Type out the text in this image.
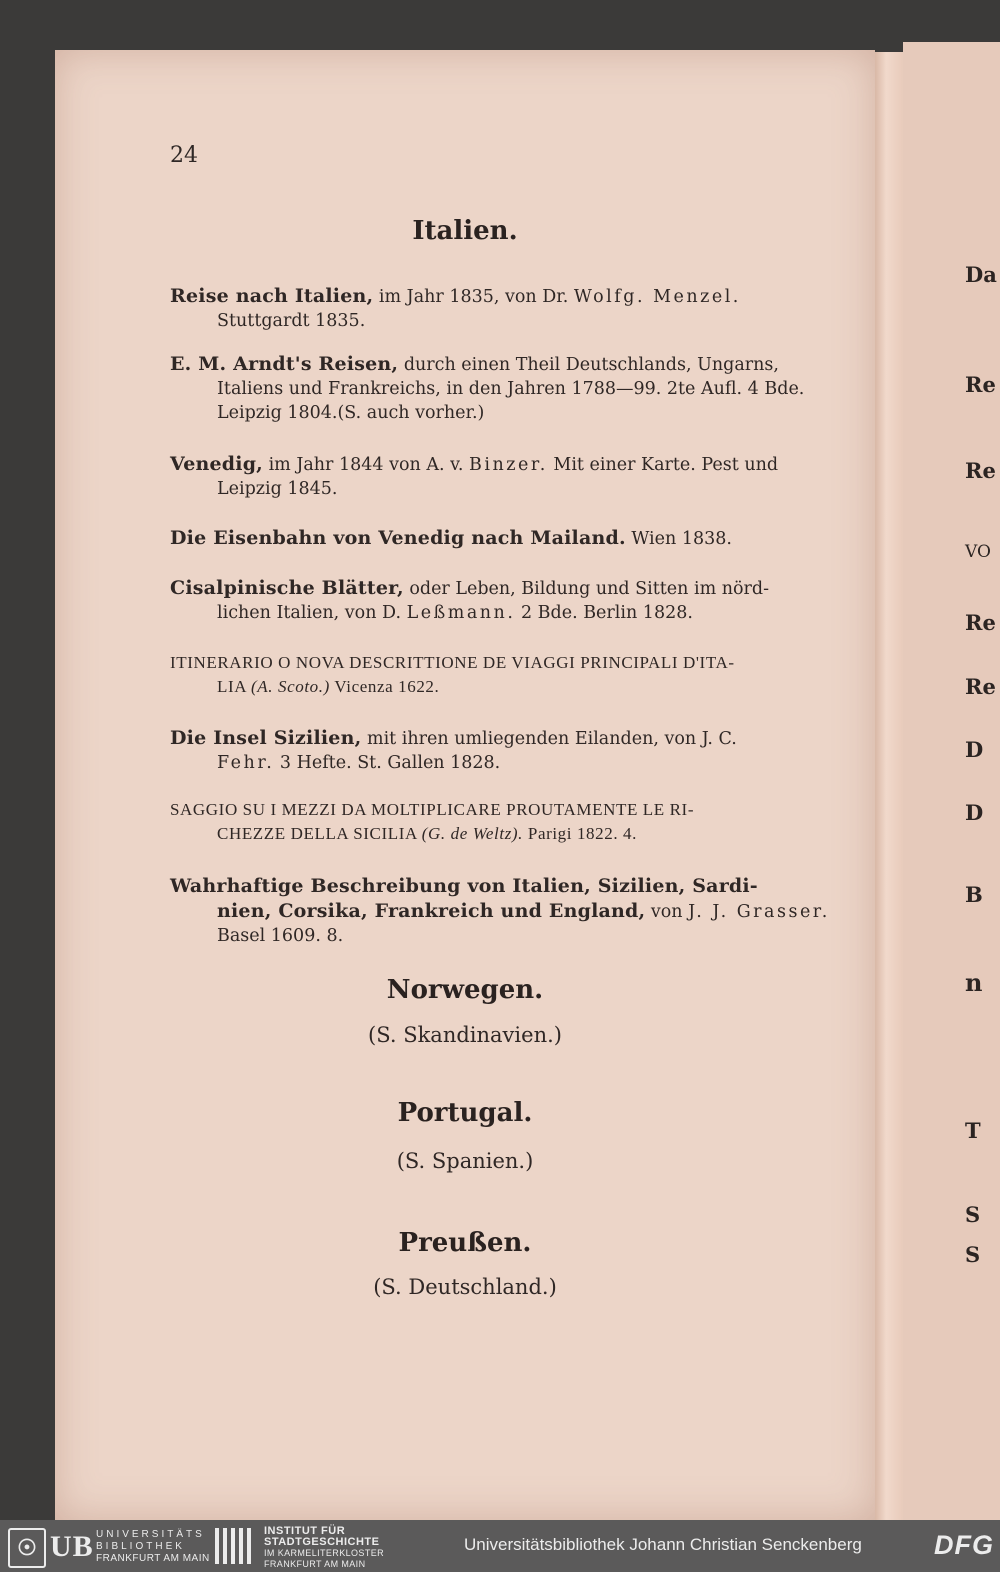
Da
Re
Re
VO
Re
Re
D
D
B
n
T
S
S
24
Italien.
Reise nach Italien, im Jahr 1835, von Dr. Wolfg. Menzel.
Stuttgardt 1835.
E. M. Arndt's Reisen, durch einen Theil Deutschlands, Ungarns,
Italiens und Frankreichs, in den Jahren 1788—99. 2te Aufl. 4 Bde. Leipzig 1804.(S. auch vorher.)
Venedig, im Jahr 1844 von A. v. Binzer. Mit einer Karte. Pest und
Leipzig 1845.
Die Eisenbahn von Venedig nach Mailand. Wien 1838.
Cisalpinische Blätter, oder Leben, Bildung und Sitten im nörd-
lichen Italien, von D. Leßmann. 2 Bde. Berlin 1828.
ITINERARIO O NOVA DESCRITTIONE DE VIAGGI PRINCIPALI D'ITA-
LIA (A. Scoto.) Vicenza 1622.
Die Insel Sizilien, mit ihren umliegenden Eilanden, von J. C.
Fehr. 3 Hefte. St. Gallen 1828.
SAGGIO SU I MEZZI DA MOLTIPLICARE PROUTAMENTE LE RI-
CHEZZE DELLA SICILIA (G. de Weltz). Parigi 1822. 4.
Wahrhaftige Beschreibung von Italien, Sizilien, Sardi-
nien, Corsika, Frankreich und England, von J. J. Grasser.
Basel 1609. 8.
Norwegen.
(S. Skandinavien.)
Portugal.
(S. Spanien.)
Preußen.
(S. Deutschland.)
☉ UB UNIVERSITÄTS
BIBLIOTHEK
FRANKFURT AM MAIN
INSTITUT FÜR
STADTGESCHICHTE
IM KARMELITERKLOSTER
FRANKFURT AM MAIN
Universitätsbibliothek Johann Christian Senckenberg	DFG
